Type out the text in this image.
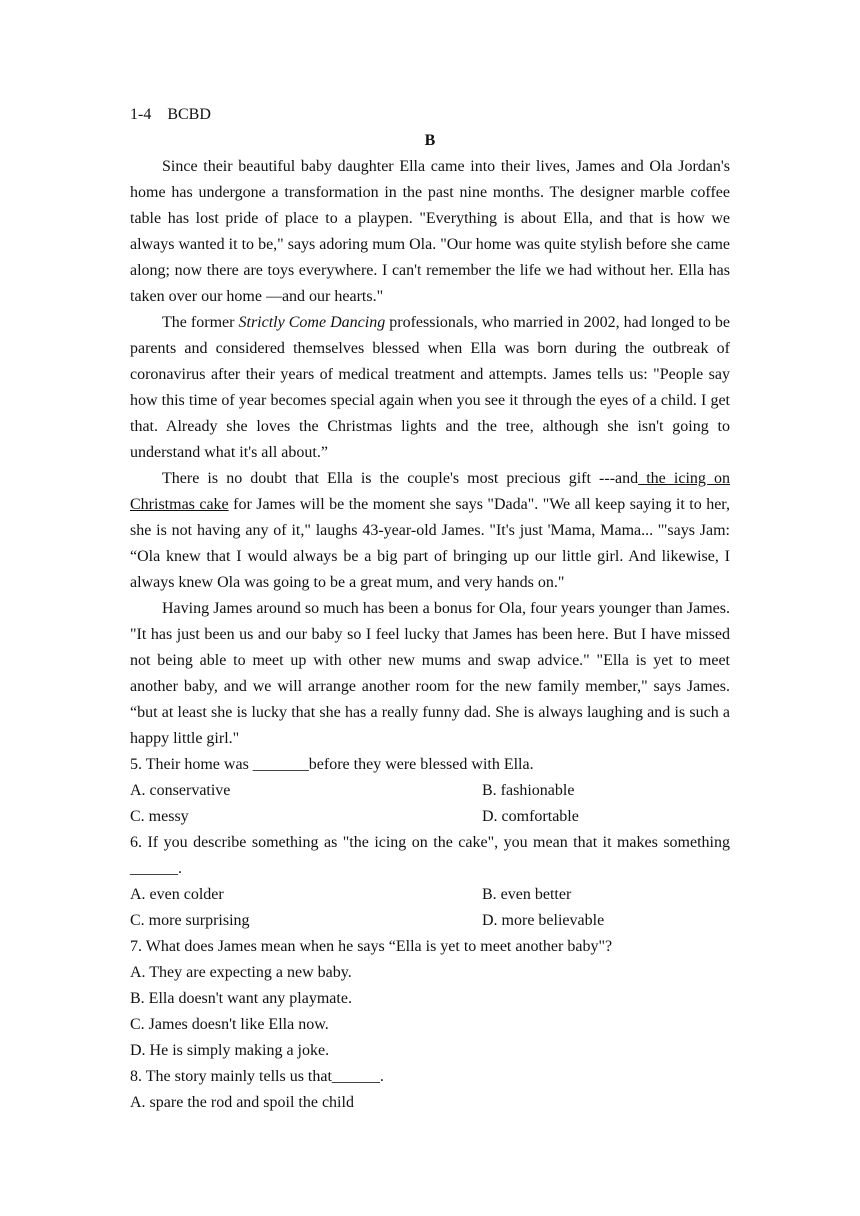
1-4    BCBD
B

Since their beautiful baby daughter Ella came into their lives, James and Ola Jordan's home has undergone a transformation in the past nine months. The designer marble coffee table has lost pride of place to a playpen. "Everything is about Ella, and that is how we always wanted it to be," says adoring mum Ola. "Our home was quite stylish before she came along; now there are toys everywhere. I can't remember the life we had without her. Ella has taken over our home —and our hearts."

The former Strictly Come Dancing professionals, who married in 2002, had longed to be parents and considered themselves blessed when Ella was born during the outbreak of coronavirus after their years of medical treatment and attempts. James tells us: "People say how this time of year becomes special again when you see it through the eyes of a child. I get that. Already she loves the Christmas lights and the tree, although she isn't going to understand what it's all about.”

There is no doubt that Ella is the couple's most precious gift ---and the icing on Christmas cake for James will be the moment she says "Dada". "We all keep saying it to her, she is not having any of it," laughs 43-year-old James. "It's just 'Mama, Mama... '"says Jam: “Ola knew that I would always be a big part of bringing up our little girl. And likewise, I always knew Ola was going to be a great mum, and very hands on."

Having James around so much has been a bonus for Ola, four years younger than James. "It has just been us and our baby so I feel lucky that James has been here. But I have missed not being able to meet up with other new mums and swap advice." "Ella is yet to meet another baby, and we will arrange another room for the new family member," says James. “but at least she is lucky that she has a really funny dad. She is always laughing and is such a happy little girl."

5. Their home was _______before they were blessed with Ella.

A. conservative	B. fashionable
C. messy	D. comfortable

6. If you describe something as "the icing on the cake", you mean that it makes something ______.

A. even colder	B. even better
C. more surprising	D. more believable

7. What does James mean when he says “Ella is yet to meet another baby"?

A. They are expecting a new baby.

B. Ella doesn't want any playmate.

C. James doesn't like Ella now.

D. He is simply making a joke.

8. The story mainly tells us that______.

A. spare the rod and spoil the child
